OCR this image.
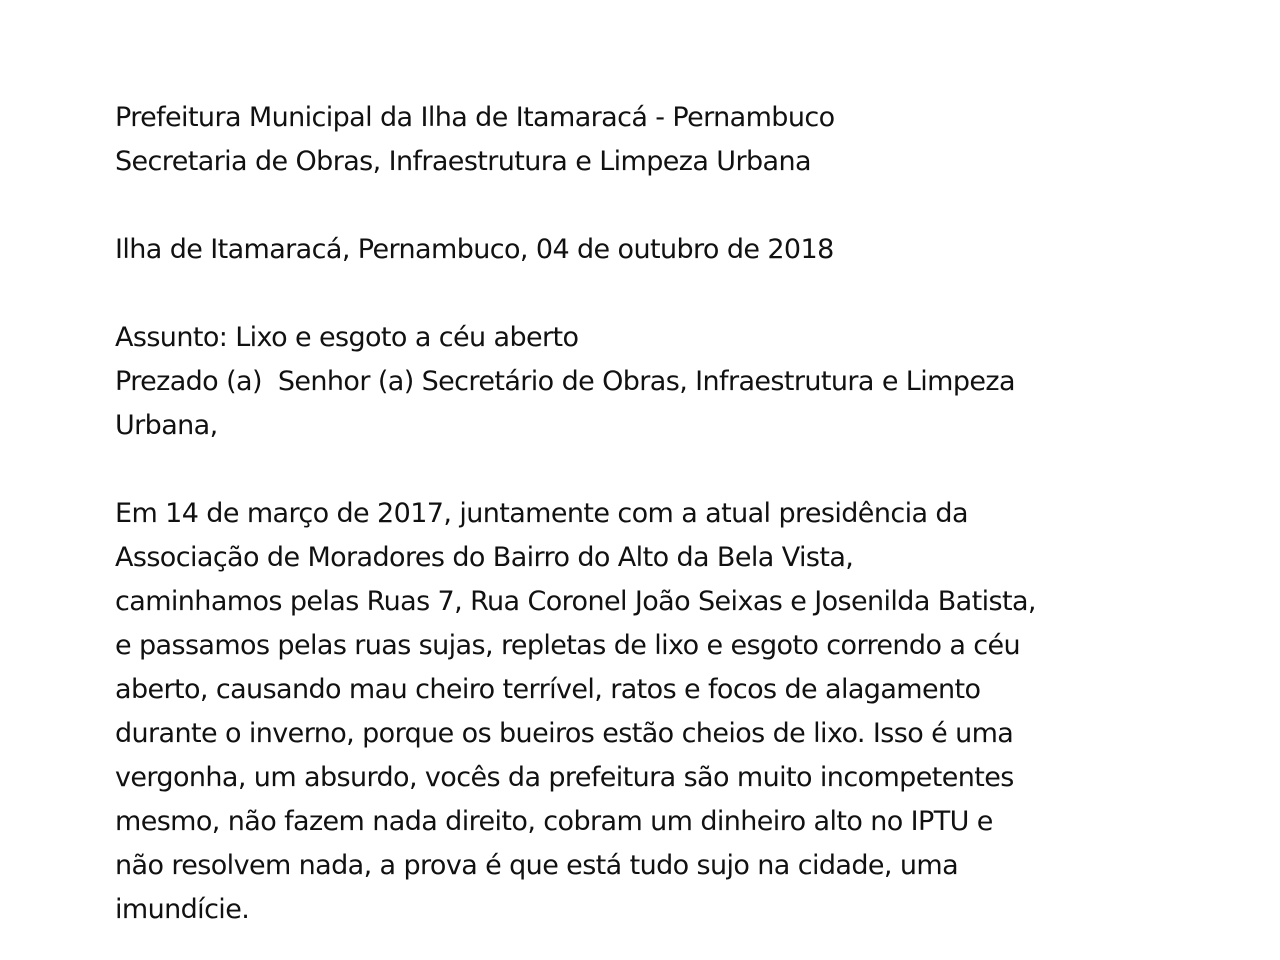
Prefeitura Municipal da Ilha de Itamaracá - Pernambuco
Secretaria de Obras, Infraestrutura e Limpeza Urbana
Ilha de Itamaracá, Pernambuco, 04 de outubro de 2018
Assunto: Lixo e esgoto a céu aberto
Prezado (a)  Senhor (a) Secretário de Obras, Infraestrutura e Limpeza
Urbana,
Em 14 de março de 2017, juntamente com a atual presidência da
Associação de Moradores do Bairro do Alto da Bela Vista,
caminhamos pelas Ruas 7, Rua Coronel João Seixas e Josenilda Batista,
e passamos pelas ruas sujas, repletas de lixo e esgoto correndo a céu
aberto, causando mau cheiro terrível, ratos e focos de alagamento
durante o inverno, porque os bueiros estão cheios de lixo. Isso é uma
vergonha, um absurdo, vocês da prefeitura são muito incompetentes
mesmo, não fazem nada direito, cobram um dinheiro alto no IPTU e
não resolvem nada, a prova é que está tudo sujo na cidade, uma
imundície.
